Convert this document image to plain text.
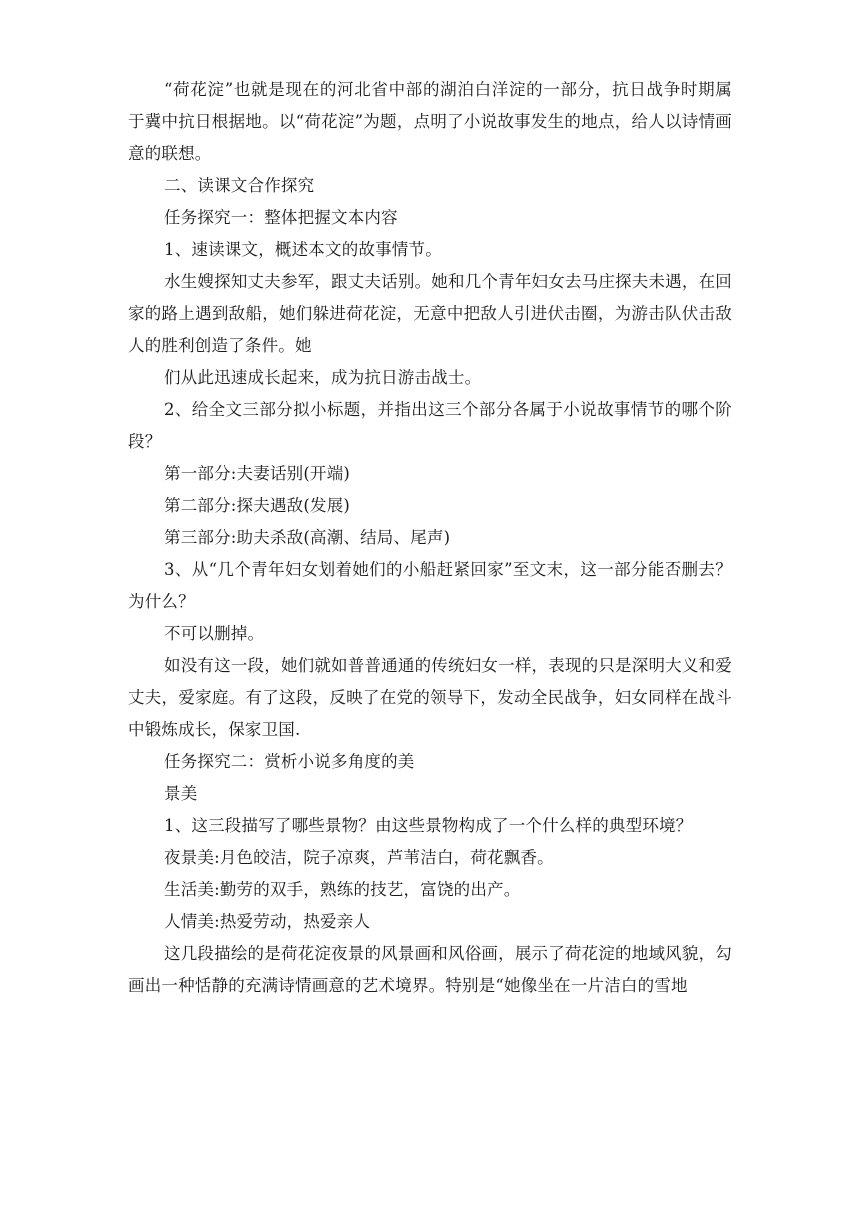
“荷花淀”也就是现在的河北省中部的湖泊白洋淀的一部分，抗日战争时期属于冀中抗日根据地。以“荷花淀”为题，点明了小说故事发生的地点，给人以诗情画意的联想。

二、读课文合作探究

任务探究一：整体把握文本内容

1、速读课文，概述本文的故事情节。

水生嫂探知丈夫参军，跟丈夫话别。她和几个青年妇女去马庄探夫未遇，在回家的路上遇到敌船，她们躲进荷花淀，无意中把敌人引进伏击圈，为游击队伏击敌人的胜利创造了条件。她

们从此迅速成长起来，成为抗日游击战士。

2、给全文三部分拟小标题，并指出这三个部分各属于小说故事情节的哪个阶段？

第一部分:夫妻话别(开端)

第二部分:探夫遇敌(发展)

第三部分:助夫杀敌(高潮、结局、尾声)

3、从“几个青年妇女划着她们的小船赶紧回家”至文末，这一部分能否删去？为什么？

不可以删掉。

如没有这一段，她们就如普普通通的传统妇女一样，表现的只是深明大义和爱丈夫，爱家庭。有了这段，反映了在党的领导下，发动全民战争，妇女同样在战斗中锻炼成长，保家卫国.

任务探究二：赏析小说多角度的美

景美

1、这三段描写了哪些景物？由这些景物构成了一个什么样的典型环境？

夜景美:月色皎洁，院子凉爽，芦苇洁白，荷花飘香。

生活美:勤劳的双手，熟练的技艺，富饶的出产。

人情美:热爱劳动，热爱亲人

这几段描绘的是荷花淀夜景的风景画和风俗画，展示了荷花淀的地域风貌，勾画出一种恬静的充满诗情画意的艺术境界。特别是“她像坐在一片洁白的雪地
